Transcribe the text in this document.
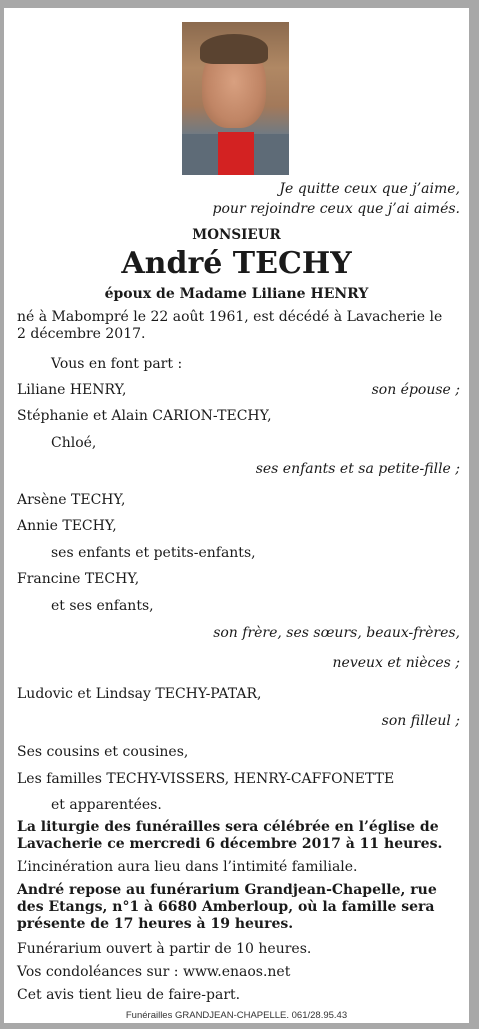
Je quitte ceux que j’aime,
pour rejoindre ceux que j’ai aimés.
MONSIEUR
André TECHY
époux de Madame Liliane HENRY
né à Mabompré le 22 août 1961, est décédé à Lavacherie le 2 décembre 2017.
Vous en font part :
Liliane HENRY,	son épouse ;
Stéphanie et Alain CARION-TECHY,
Chloé,
ses enfants et sa petite-fille ;
Arsène TECHY,
Annie TECHY,
ses enfants et petits-enfants,
Francine TECHY,
et ses enfants,
son frère, ses sœurs, beaux-frères,
neveux et nièces ;
Ludovic et Lindsay TECHY-PATAR,
son filleul ;
Ses cousins et cousines,
Les familles TECHY-VISSERS, HENRY-CAFFONETTE
et apparentées.
La liturgie des funérailles sera célébrée en l’église de Lavacherie ce mercredi 6 décembre 2017 à 11 heures.
L’incinération aura lieu dans l’intimité familiale.
André repose au funérarium Grandjean-Chapelle, rue des Etangs, n°1 à 6680 Amberloup, où la famille sera présente de 17 heures à 19 heures.
Funérarium ouvert à partir de 10 heures.
Vos condoléances sur : www.enaos.net
Cet avis tient lieu de faire-part.
Funérailles GRANDJEAN-CHAPELLE. 061/28.95.43
